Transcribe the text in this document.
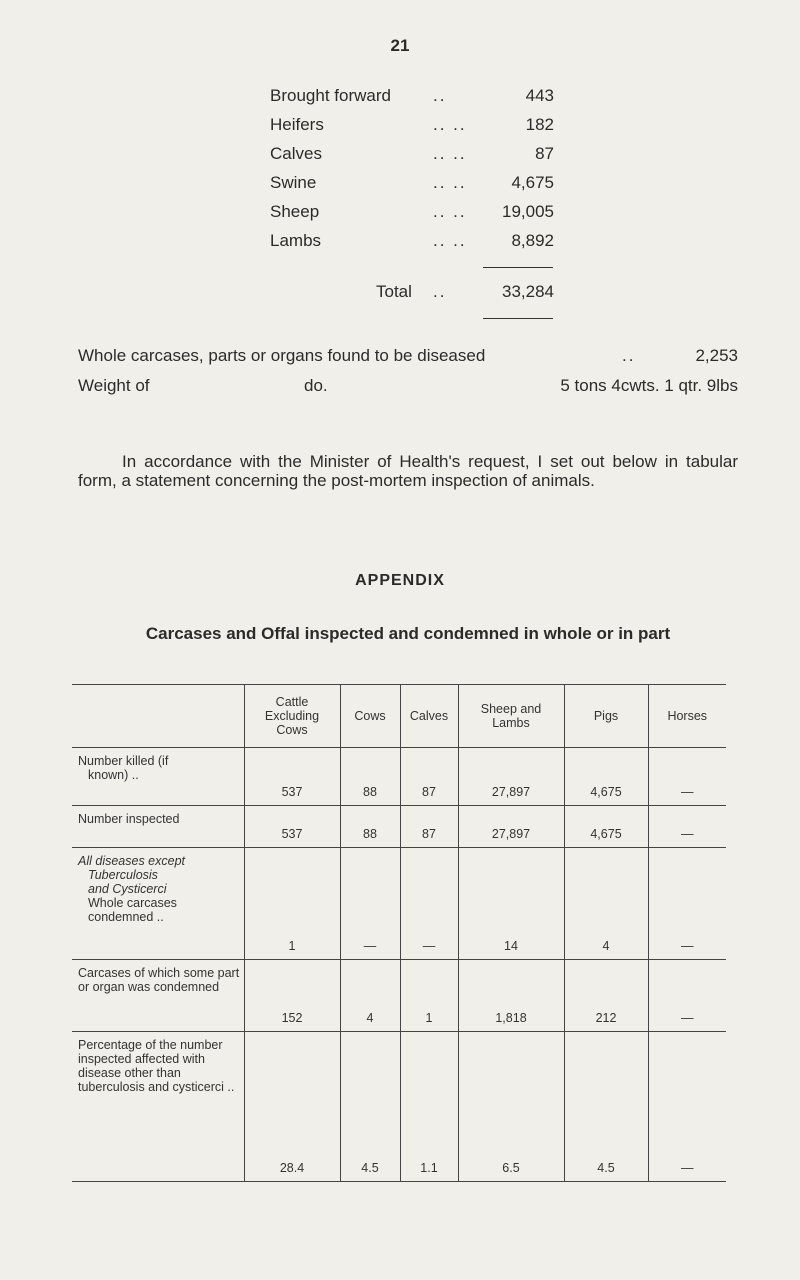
21
Brought forward ..	443
Heifers	.. ..	182
Calves	.. ..	87
Swine	.. ..	4,675
Sheep	.. .. 19,005
Lambs	.. ..	8,892
Total ..	33,284
Whole carcases, parts or organs found to be diseased	..	2,253
Weight of	do.	5 tons 4cwts. 1 qtr. 9lbs
In accordance with the Minister of Health's request, I set out below in tabular form, a statement concerning the post-mortem inspection of animals.
APPENDIX
Carcases and Offal inspected and condemned in whole or in part
	Cattle Excluding Cows	Cows	Calves	Sheep and Lambs	Pigs	Horses

Number killed (if
known) ..	537	88	87	27,897	4,675	—

Number inspected	537	88	87	27,897	4,675	—

All diseases except
Tuberculosis
and Cysticerci
Whole carcases
condemned ..	1	—	—	14	4	—

Carcases of which some part or organ was condemned	152	4	1	1,818	212	—

Percentage of the number inspected affected with disease other than tuberculosis and cysticerci ..	28.4	4.5	1.1	6.5	4.5	—
